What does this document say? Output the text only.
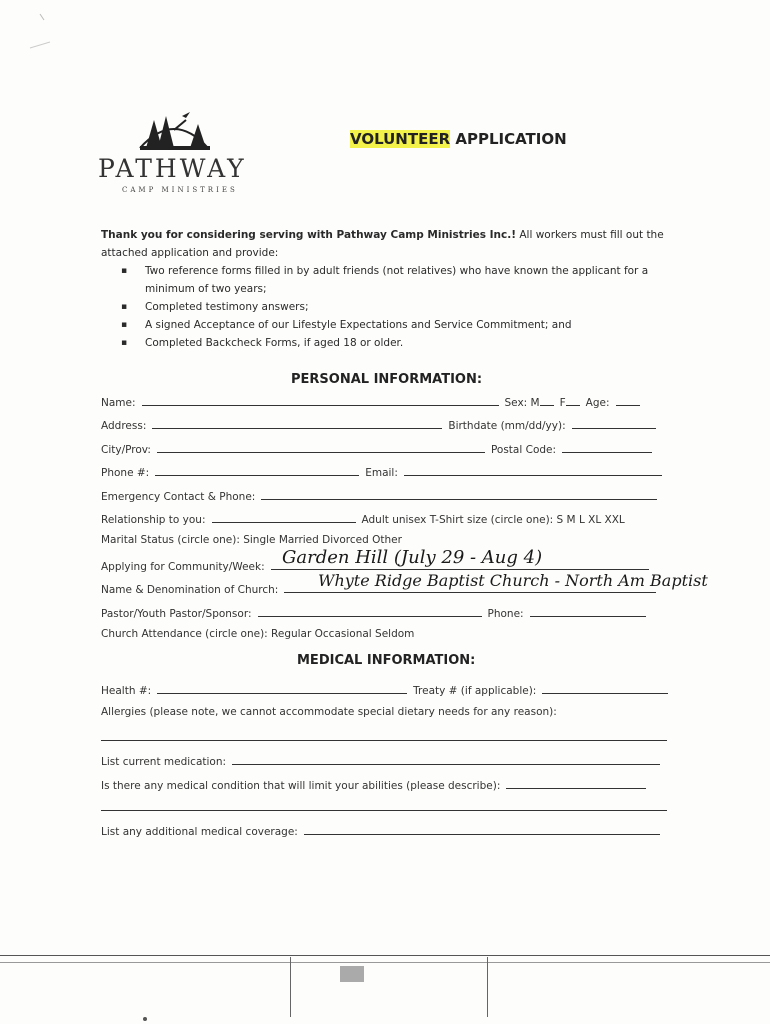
PATHWAY
CAMP MINISTRIES
VOLUNTEER APPLICATION
Thank you for considering serving with Pathway Camp Ministries Inc.! All workers must fill out the attached application and provide:
▪ Two reference forms filled in by adult friends (not relatives) who have known the applicant for a minimum of two years;
▪ Completed testimony answers;
▪ A signed Acceptance of our Lifestyle Expectations and Service Commitment; and
▪ Completed Backcheck Forms, if aged 18 or older.
PERSONAL INFORMATION:
Name:	Sex: M F Age:
Address:	Birthdate (mm/dd/yy):
City/Prov:	Postal Code:
Phone #:	Email:
Emergency Contact & Phone:
Relationship to you:	Adult unisex T-Shirt size (circle one): S M L XL XXL
Marital Status (circle one): Single Married Divorced Other
Applying for Community/Week: Garden Hill (July 29 - Aug 4)
Name & Denomination of Church:	Whyte Ridge Baptist Church - North Am Baptist
Pastor/Youth Pastor/Sponsor:	Phone:
Church Attendance (circle one): Regular Occasional Seldom
MEDICAL INFORMATION:
Health #:	Treaty # (if applicable):
Allergies (please note, we cannot accommodate special dietary needs for any reason):
List current medication:
Is there any medical condition that will limit your abilities (please describe):
List any additional medical coverage:
